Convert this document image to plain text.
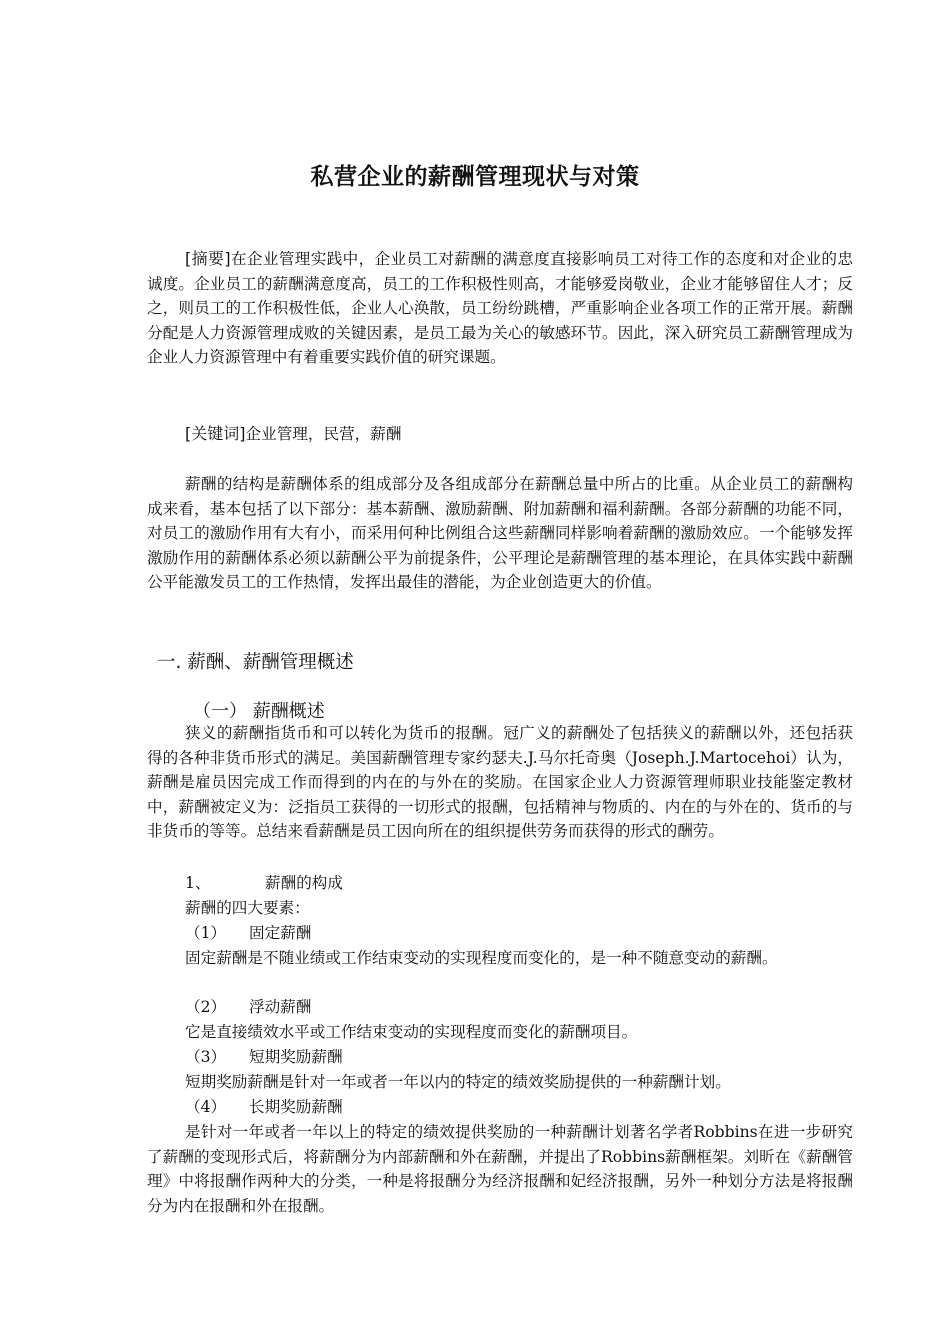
私营企业的薪酬管理现状与对策

[摘要]在企业管理实践中，企业员工对薪酬的满意度直接影响员工对待工作的态度和对企业的忠诚度。企业员工的薪酬满意度高，员工的工作积极性则高，才能够爱岗敬业，企业才能够留住人才；反之，则员工的工作积极性低，企业人心涣散，员工纷纷跳槽，严重影响企业各项工作的正常开展。薪酬分配是人力资源管理成败的关键因素，是员工最为关心的敏感环节。因此，深入研究员工薪酬管理成为企业人力资源管理中有着重要实践价值的研究课题。

[关键词]企业管理，民营，薪酬

薪酬的结构是薪酬体系的组成部分及各组成部分在薪酬总量中所占的比重。从企业员工的薪酬构成来看，基本包括了以下部分：基本薪酬、激励薪酬、附加薪酬和福利薪酬。各部分薪酬的功能不同，对员工的激励作用有大有小，而采用何种比例组合这些薪酬同样影响着薪酬的激励效应。一个能够发挥激励作用的薪酬体系必须以薪酬公平为前提条件，公平理论是薪酬管理的基本理论，在具体实践中薪酬公平能激发员工的工作热情，发挥出最佳的潜能，为企业创造更大的价值。

一. 薪酬、薪酬管理概述
（一） 薪酬概述

狭义的薪酬指货币和可以转化为货币的报酬。冠广义的薪酬处了包括狭义的薪酬以外，还包括获得的各种非货币形式的满足。美国薪酬管理专家约瑟夫.J.马尔托奇奥（Joseph.J.Martocehoi）认为，薪酬是雇员因完成工作而得到的内在的与外在的奖励。在国家企业人力资源管理师职业技能鉴定教材中，薪酬被定义为：泛指员工获得的一切形式的报酬，包括精神与物质的、内在的与外在的、货币的与非货币的等等。总结来看薪酬是员工因向所在的组织提供劳务而获得的形式的酬劳。

1、	薪酬的构成

薪酬的四大要素：

（1） 固定薪酬

固定薪酬是不随业绩或工作结束变动的实现程度而变化的，是一种不随意变动的薪酬。

（2） 浮动薪酬

它是直接绩效水平或工作结束变动的实现程度而变化的薪酬项目。

（3） 短期奖励薪酬

短期奖励薪酬是针对一年或者一年以内的特定的绩效奖励提供的一种薪酬计划。

（4） 长期奖励薪酬

是针对一年或者一年以上的特定的绩效提供奖励的一种薪酬计划著名学者Robbins在进一步研究了薪酬的变现形式后，将薪酬分为内部薪酬和外在薪酬，并提出了Robbins薪酬框架。刘昕在《薪酬管理》中将报酬作两种大的分类，一种是将报酬分为经济报酬和妃经济报酬，另外一种划分方法是将报酬分为内在报酬和外在报酬。
